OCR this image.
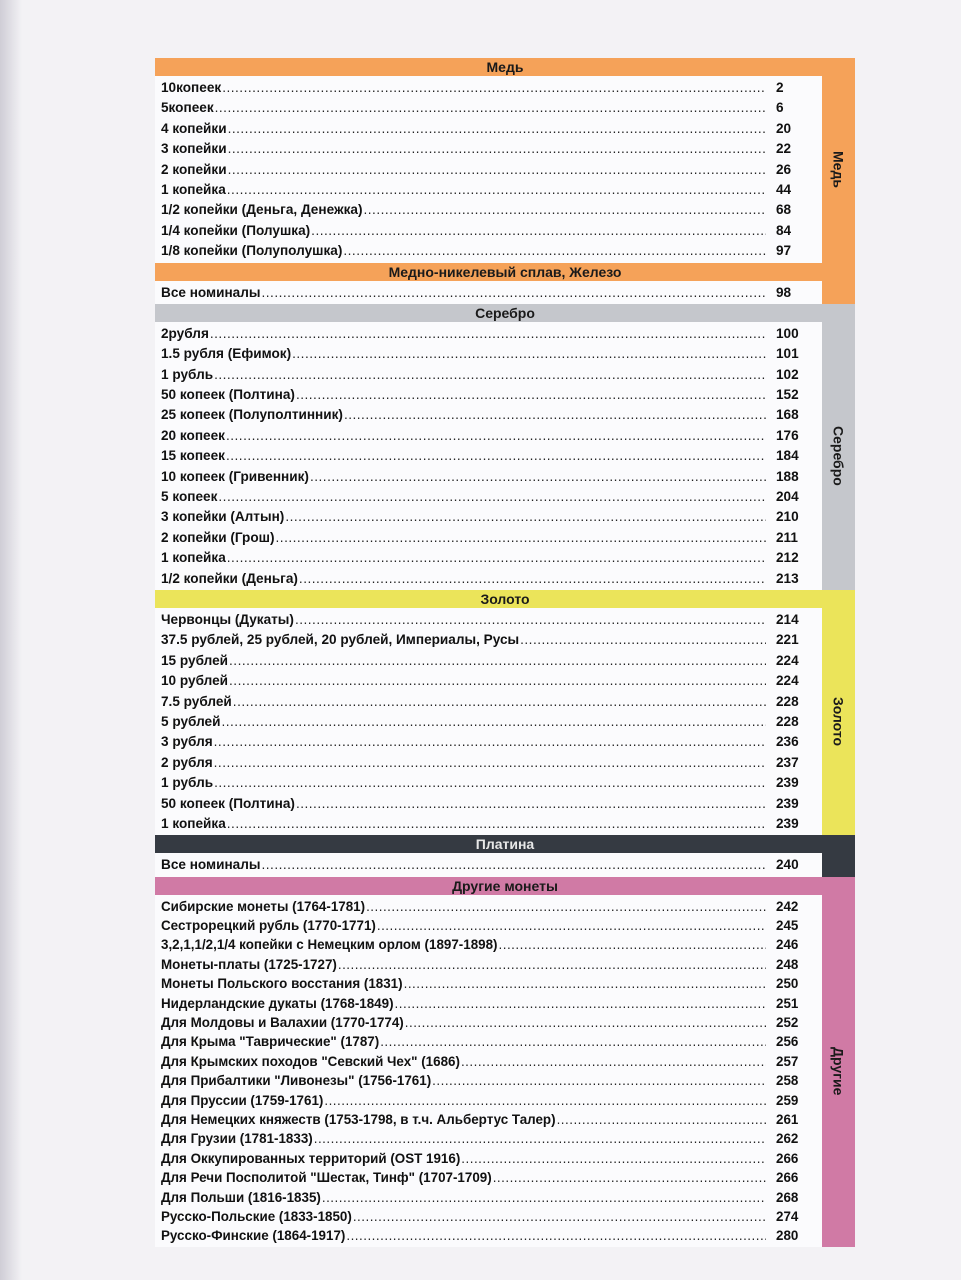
Медь
Медь
10копеек .....	2
5копеек .....	6
4 копейки .....	20
3 копейки .....	22
2 копейки .....	26
1 копейка .....	44
1/2 копейки (Деньга, Денежка) .....	68
1/4 копейки (Полушка) .....	84
1/8 копейки (Полуполушка) .....	97
Медно-никелевый сплав, Железо
Все номиналы .....	98
Серебро
Серебро
2рубля .....	100
1.5 рубля (Ефимок) .....	101
1 рубль .....	102
50 копеек (Полтина) .....	152
25 копеек (Полуполтинник) .....	168
20 копеек .....	176
15 копеек .....	184
10 копеек (Гривенник) .....	188
5 копеек .....	204
3 копейки (Алтын) .....	210
2 копейки (Грош) .....	211
1 копейка .....	212
1/2 копейки (Деньга) .....	213
Золото
Золото
Червонцы (Дукаты) .....	214
37.5 рублей, 25 рублей, 20 рублей, Империалы, Русы .....	221
15 рублей .....	224
10 рублей .....	224
7.5 рублей .....	228
5 рублей .....	228
3 рубля .....	236
2 рубля .....	237
1 рубль .....	239
50 копеек (Полтина) .....	239
1 копейка .....	239
Платина
Все номиналы .....	240
Другие монеты
Другие
Сибирские монеты (1764-1781) .....	242
Сестрорецкий рубль (1770-1771) .....	245
3,2,1,1/2,1/4 копейки с Немецким орлом (1897-1898) .....	246
Монеты-платы (1725-1727) .....	248
Монеты Польского восстания (1831) .....	250
Нидерландские дукаты (1768-1849) .....	251
Для Молдовы и Валахии (1770-1774) .....	252
Для Крыма "Таврические" (1787) .....	256
Для Крымских походов "Севский Чех" (1686) .....	257
Для Прибалтики "Ливонезы" (1756-1761) .....	258
Для Пруссии (1759-1761) .....	259
Для Немецких княжеств (1753-1798, в т.ч. Альбертус Талер) .....	261
Для Грузии (1781-1833) .....	262
Для Оккупированных территорий (OST 1916) .....	266
Для Речи Посполитой "Шестак, Тинф" (1707-1709) .....	266
Для Польши (1816-1835) .....	268
Русско-Польские (1833-1850) .....	274
Русско-Финские (1864-1917) .....	280
